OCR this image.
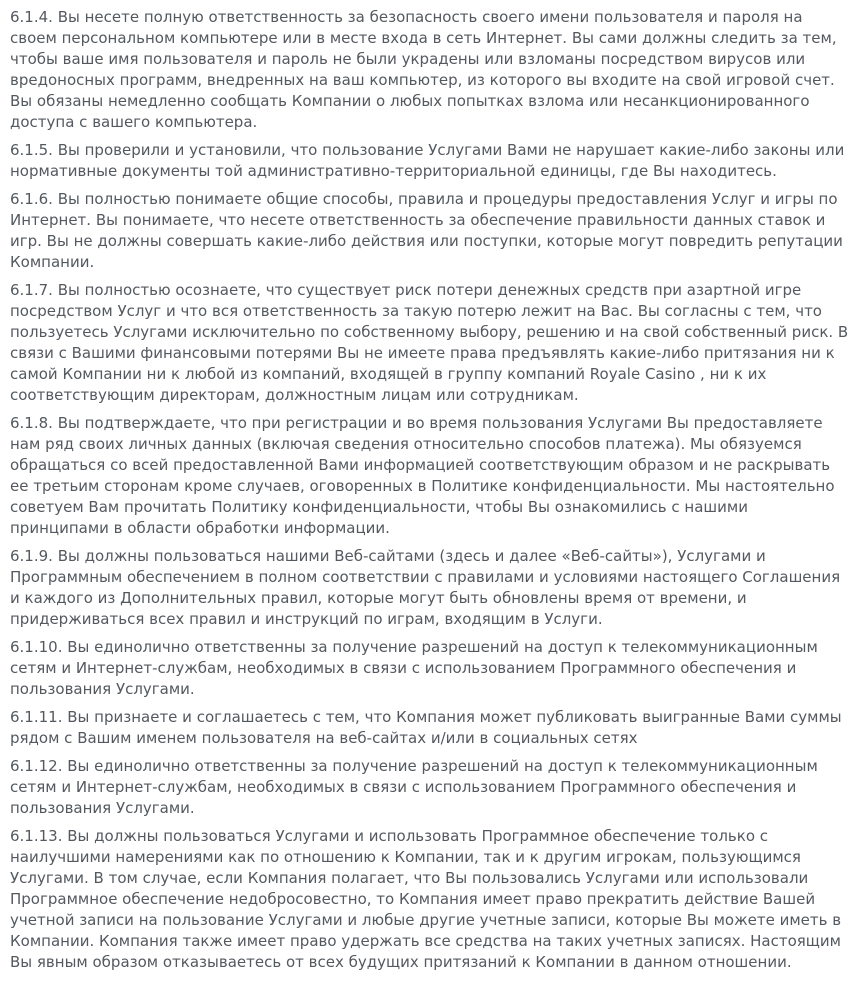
6.1.4. Вы несете полную ответственность за безопасность своего имени пользователя и пароля на своем персональном компьютере или в месте входа в сеть Интернет. Вы сами должны следить за тем, чтобы ваше имя пользователя и пароль не были украдены или взломаны посредством вирусов или вредоносных программ, внедренных на ваш компьютер, из которого вы входите на свой игровой счет. Вы обязаны немедленно сообщать Компании о любых попытках взлома или несанкционированного доступа с вашего компьютера.

6.1.5. Вы проверили и установили, что пользование Услугами Вами не нарушает какие-либо законы или нормативные документы той административно-территориальной единицы, где Вы находитесь.

6.1.6. Вы полностью понимаете общие способы, правила и процедуры предоставления Услуг и игры по Интернет. Вы понимаете, что несете ответственность за обеспечение правильности данных ставок и игр. Вы не должны совершать какие-либо действия или поступки, которые могут повредить репутации Компании.

6.1.7. Вы полностью осознаете, что существует риск потери денежных средств при азартной игре посредством Услуг и что вся ответственность за такую потерю лежит на Вас. Вы согласны с тем, что пользуетесь Услугами исключительно по собственному выбору, решению и на свой собственный риск. В связи с Вашими финансовыми потерями Вы не имеете права предъявлять какие-либо притязания ни к самой Компании ни к любой из компаний, входящей в группу компаний Royale Casino , ни к их соответствующим директорам, должностным лицам или сотрудникам.

6.1.8. Вы подтверждаете, что при регистрации и во время пользования Услугами Вы предоставляете нам ряд своих личных данных (включая сведения относительно способов платежа). Мы обязуемся обращаться со всей предоставленной Вами информацией соответствующим образом и не раскрывать ее третьим сторонам кроме случаев, оговоренных в Политике конфиденциальности. Мы настоятельно советуем Вам прочитать Политику конфиденциальности, чтобы Вы ознакомились с нашими принципами в области обработки информации.

6.1.9. Вы должны пользоваться нашими Веб-сайтами (здесь и далее «Веб-сайты»), Услугами и Программным обеспечением в полном соответствии с правилами и условиями настоящего Соглашения и каждого из Дополнительных правил, которые могут быть обновлены время от времени, и придерживаться всех правил и инструкций по играм, входящим в Услуги.

6.1.10. Вы единолично ответственны за получение разрешений на доступ к телекоммуникационным сетям и Интернет-службам, необходимых в связи с использованием Программного обеспечения и пользования Услугами.

6.1.11. Вы признаете и соглашаетесь с тем, что Компания может публиковать выигранные Вами суммы рядом с Вашим именем пользователя на веб-сайтах и/или в социальных сетях

6.1.12. Вы единолично ответственны за получение разрешений на доступ к телекоммуникационным сетям и Интернет-службам, необходимых в связи с использованием Программного обеспечения и пользования Услугами.

6.1.13. Вы должны пользоваться Услугами и использовать Программное обеспечение только с наилучшими намерениями как по отношению к Компании, так и к другим игрокам, пользующимся Услугами. В том случае, если Компания полагает, что Вы пользовались Услугами или использовали Программное обеспечение недобросовестно, то Компания имеет право прекратить действие Вашей учетной записи на пользование Услугами и любые другие учетные записи, которые Вы можете иметь в Компании. Компания также имеет право удержать все средства на таких учетных записях. Настоящим Вы явным образом отказываетесь от всех будущих притязаний к Компании в данном отношении.
